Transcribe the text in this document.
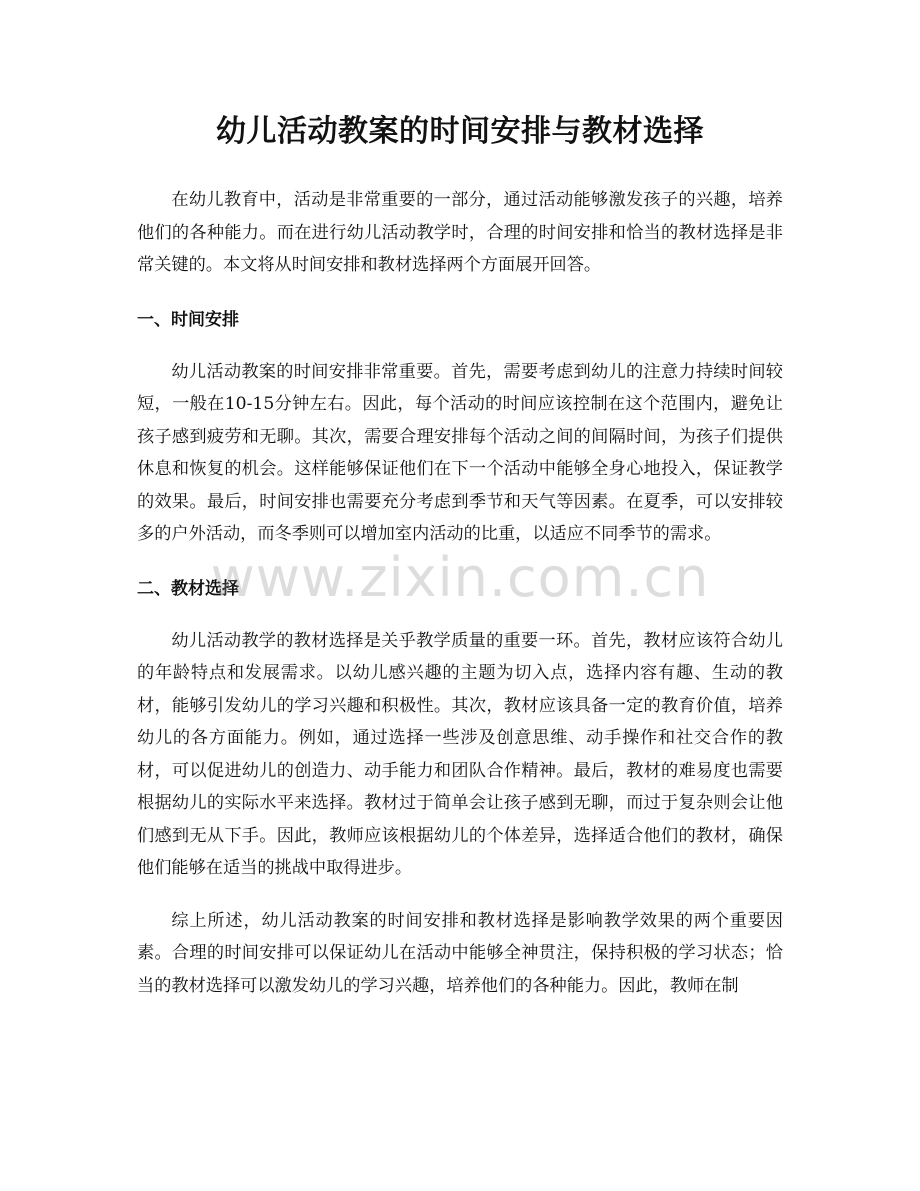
幼儿活动教案的时间安排与教材选择

在幼儿教育中，活动是非常重要的一部分，通过活动能够激发孩子的兴趣，培养他们的各种能力。而在进行幼儿活动教学时，合理的时间安排和恰当的教材选择是非常关键的。本文将从时间安排和教材选择两个方面展开回答。

一、时间安排

幼儿活动教案的时间安排非常重要。首先，需要考虑到幼儿的注意力持续时间较短，一般在10-15分钟左右。因此，每个活动的时间应该控制在这个范围内，避免让孩子感到疲劳和无聊。其次，需要合理安排每个活动之间的间隔时间，为孩子们提供休息和恢复的机会。这样能够保证他们在下一个活动中能够全身心地投入，保证教学的效果。最后，时间安排也需要充分考虑到季节和天气等因素。在夏季，可以安排较多的户外活动，而冬季则可以增加室内活动的比重，以适应不同季节的需求。

二、教材选择

幼儿活动教学的教材选择是关乎教学质量的重要一环。首先，教材应该符合幼儿的年龄特点和发展需求。以幼儿感兴趣的主题为切入点，选择内容有趣、生动的教材，能够引发幼儿的学习兴趣和积极性。其次，教材应该具备一定的教育价值，培养幼儿的各方面能力。例如，通过选择一些涉及创意思维、动手操作和社交合作的教材，可以促进幼儿的创造力、动手能力和团队合作精神。最后，教材的难易度也需要根据幼儿的实际水平来选择。教材过于简单会让孩子感到无聊，而过于复杂则会让他们感到无从下手。因此，教师应该根据幼儿的个体差异，选择适合他们的教材，确保他们能够在适当的挑战中取得进步。

综上所述，幼儿活动教案的时间安排和教材选择是影响教学效果的两个重要因素。合理的时间安排可以保证幼儿在活动中能够全神贯注，保持积极的学习状态；恰当的教材选择可以激发幼儿的学习兴趣，培养他们的各种能力。因此，教师在制

www.zixin.com.cn
